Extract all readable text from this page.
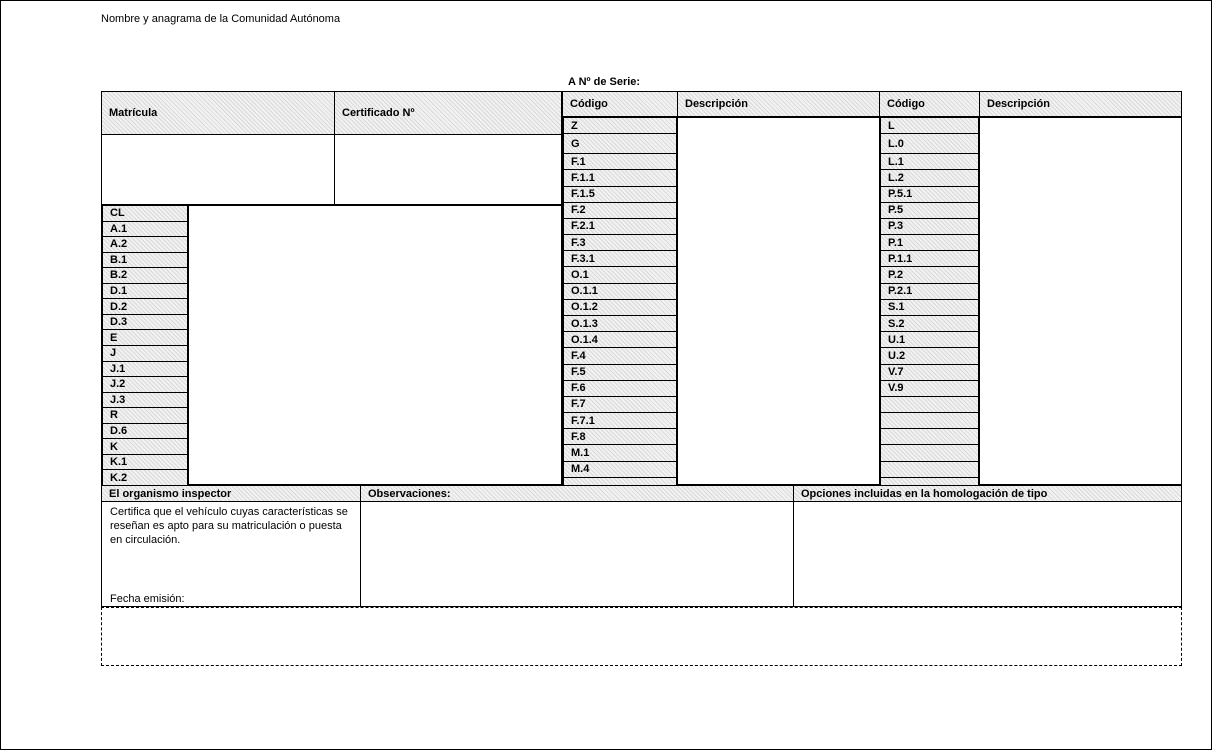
Nombre y anagrama de la Comunidad Autónoma
A Nº de Serie:
Matrícula	Certificado Nº
CL
A.1
A.2
B.1
B.2
D.1
D.2
D.3
E
J
J.1
J.2
J.3
R
D.6
K
K.1
K.2
Código	Descripción
Z
G
F.1
F.1.1
F.1.5
F.2
F.2.1
F.3
F.3.1
O.1
O.1.1
O.1.2
O.1.3
O.1.4
F.4
F.5
F.6
F.7
F.7.1
F.8
M.1
M.4
Código	Descripción
L
L.0
L.1
L.2
P.5.1
P.5
P.3
P.1
P.1.1
P.2
P.2.1
S.1
S.2
U.1
U.2
V.7
V.9
El organismo inspector	Observaciones:	Opciones incluidas en la homologación de tipo
Certifica que el vehículo cuyas características se reseñan es apto para su matriculación o puesta en circulación.
Fecha emisión:
